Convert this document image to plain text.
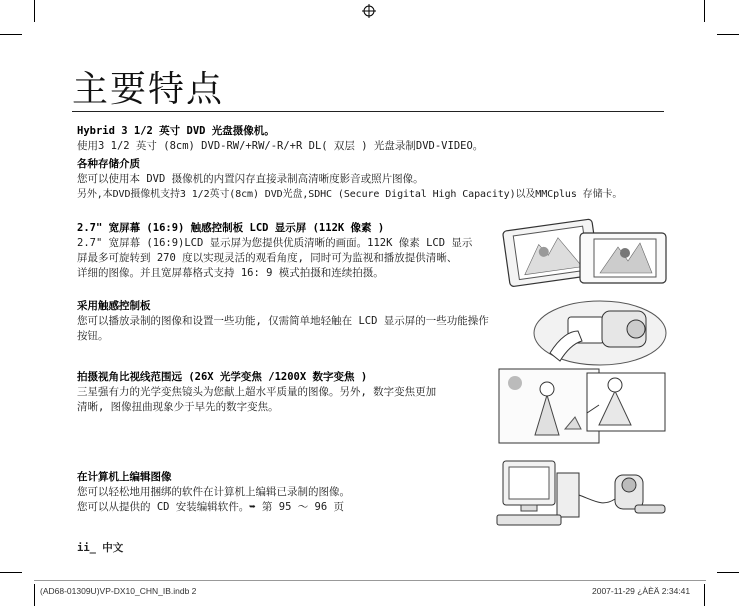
主要特点
Hybrid 3 1/2 英寸 DVD 光盘摄像机。
使用3 1/2 英寸 (8cm) DVD-RW/+RW/-R/+R DL( 双层 ) 光盘录制DVD-VIDEO。
各种存储介质
您可以使用本 DVD 摄像机的内置闪存直接录制高清晰度影音或照片图像。
另外,本DVD摄像机支持3 1/2英寸(8cm) DVD光盘,SDHC (Secure Digital High Capacity)以及MMCplus 存储卡。
2.7" 宽屏幕 (16:9) 触感控制板 LCD 显示屏 (112K 像素 )
2.7" 宽屏幕 (16:9)LCD 显示屏为您提供优质清晰的画面。112K 像素 LCD 显示
屏最多可旋转到 270 度以实现灵活的观看角度, 同时可为监视和播放提供清晰、
详细的图像。并且宽屏幕格式支持 16: 9 模式拍摄和连续拍摄。
采用触感控制板
您可以播放录制的图像和设置一些功能, 仅需简单地轻触在 LCD 显示屏的一些功能操作
按钮。
拍摄视角比视线范围远 (26X 光学变焦 /1200X 数字变焦 )
三星强有力的光学变焦镜头为您献上超水平质量的图像。另外, 数字变焦更加
清晰, 图像扭曲现象少于早先的数字变焦。
在计算机上编辑图像
您可以轻松地用捆绑的软件在计算机上编辑已录制的图像。
您可以从提供的 CD 安装编辑软件。➥ 第 95 ～ 96 页
ii_ 中文
(AD68-01309U)VP-DX10_CHN_IB.indb 2	2007-11-29 ¿ÀÈÄ 2:34:41
